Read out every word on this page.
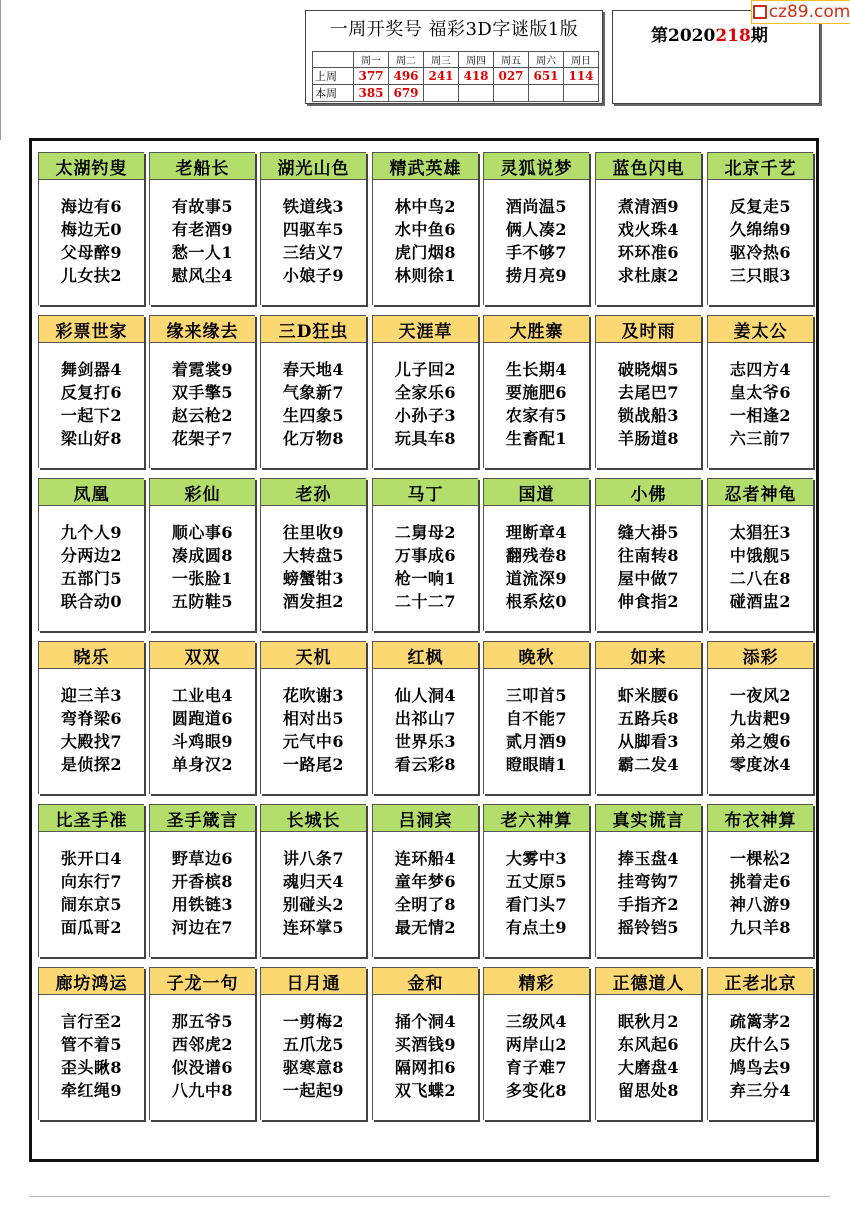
一周开奖号 福彩3D字谜版1版
	周一	周二	周三	周四	周五	周六	周日
上周	377	496	241	418	027	651	114
本周	385	679					
第2020218期
cz89.com
太湖钓叟
海边有6
梅边无0
父母醉9
儿女扶2
老船长
有故事5
有老酒9
愁一人1
慰风尘4
湖光山色
铁道线3
四驱车5
三结义7
小娘子9
精武英雄
林中鸟2
水中鱼6
虎门烟8
林则徐1
灵狐说梦
酒尚温5
俩人凑2
手不够7
捞月亮9
蓝色闪电
煮清酒9
戏火珠4
环环准6
求杜康2
北京千艺
反复走5
久绵绵9
驱冷热6
三只眼3
彩票世家
舞剑器4
反复打6
一起下2
梁山好8
缘来缘去
着霓裳9
双手擎5
赵云枪2
花架子7
三D狂虫
春天地4
气象新7
生四象5
化万物8
天涯草
儿子回2
全家乐6
小孙子3
玩具车8
大胜寨
生长期4
要施肥6
农家有5
生畜配1
及时雨
破晓烟5
去尾巴7
锁战船3
羊肠道8
姜太公
志四方4
皇太爷6
一相逢2
六三前7
凤凰
九个人9
分两边2
五部门5
联合动0
彩仙
顺心事6
凑成圆8
一张脸1
五防鞋5
老孙
往里收9
大转盘5
螃蟹钳3
酒发担2
马丁
二舅母2
万事成6
枪一响1
二十二7
国道
理断章4
翻残卷8
道流深9
根系炫0
小佛
缝大褂5
往南转8
屋中做7
伸食指2
忍者神龟
太猖狂3
中饿舰5
二八在8
碰酒盅2
晓乐
迎三羊3
弯脊梁6
大殿找7
是侦探2
双双
工业电4
圆跑道6
斗鸡眼9
单身汉2
天机
花吹谢3
相对出5
元气中6
一路尾2
红枫
仙人洞4
出祁山7
世界乐3
看云彩8
晚秋
三叩首5
自不能7
贰月酒9
瞪眼睛1
如来
虾米腰6
五路兵8
从脚看3
霸二发4
添彩
一夜风2
九齿耙9
弟之嫂6
零度冰4
比圣手准
张开口4
向东行7
闹东京5
面瓜哥2
圣手箴言
野草边6
开香槟8
用铁链3
河边在7
长城长
讲八条7
魂归天4
别碰头2
连环掌5
吕洞宾
连环船4
童年梦6
全明了8
最无情2
老六神算
大雾中3
五丈原5
看门头7
有点土9
真实谎言
捧玉盘4
挂弯钩7
手指齐2
摇铃铛5
布衣神算
一棵松2
挑着走6
神八游9
九只羊8
廊坊鸿运
言行至2
管不着5
歪头瞅8
牵红绳9
子龙一句
那五爷5
西邻虎2
似没谱6
八九中8
日月通
一剪梅2
五爪龙5
驱寒意8
一起起9
金和
捅个洞4
买酒钱9
隔网扣6
双飞蝶2
精彩
三级风4
两岸山2
育子难7
多变化8
正德道人
眠秋月2
东风起6
大磨盘4
留思处8
正老北京
疏篱茅2
庆什么5
鸠鸟去9
弃三分4
